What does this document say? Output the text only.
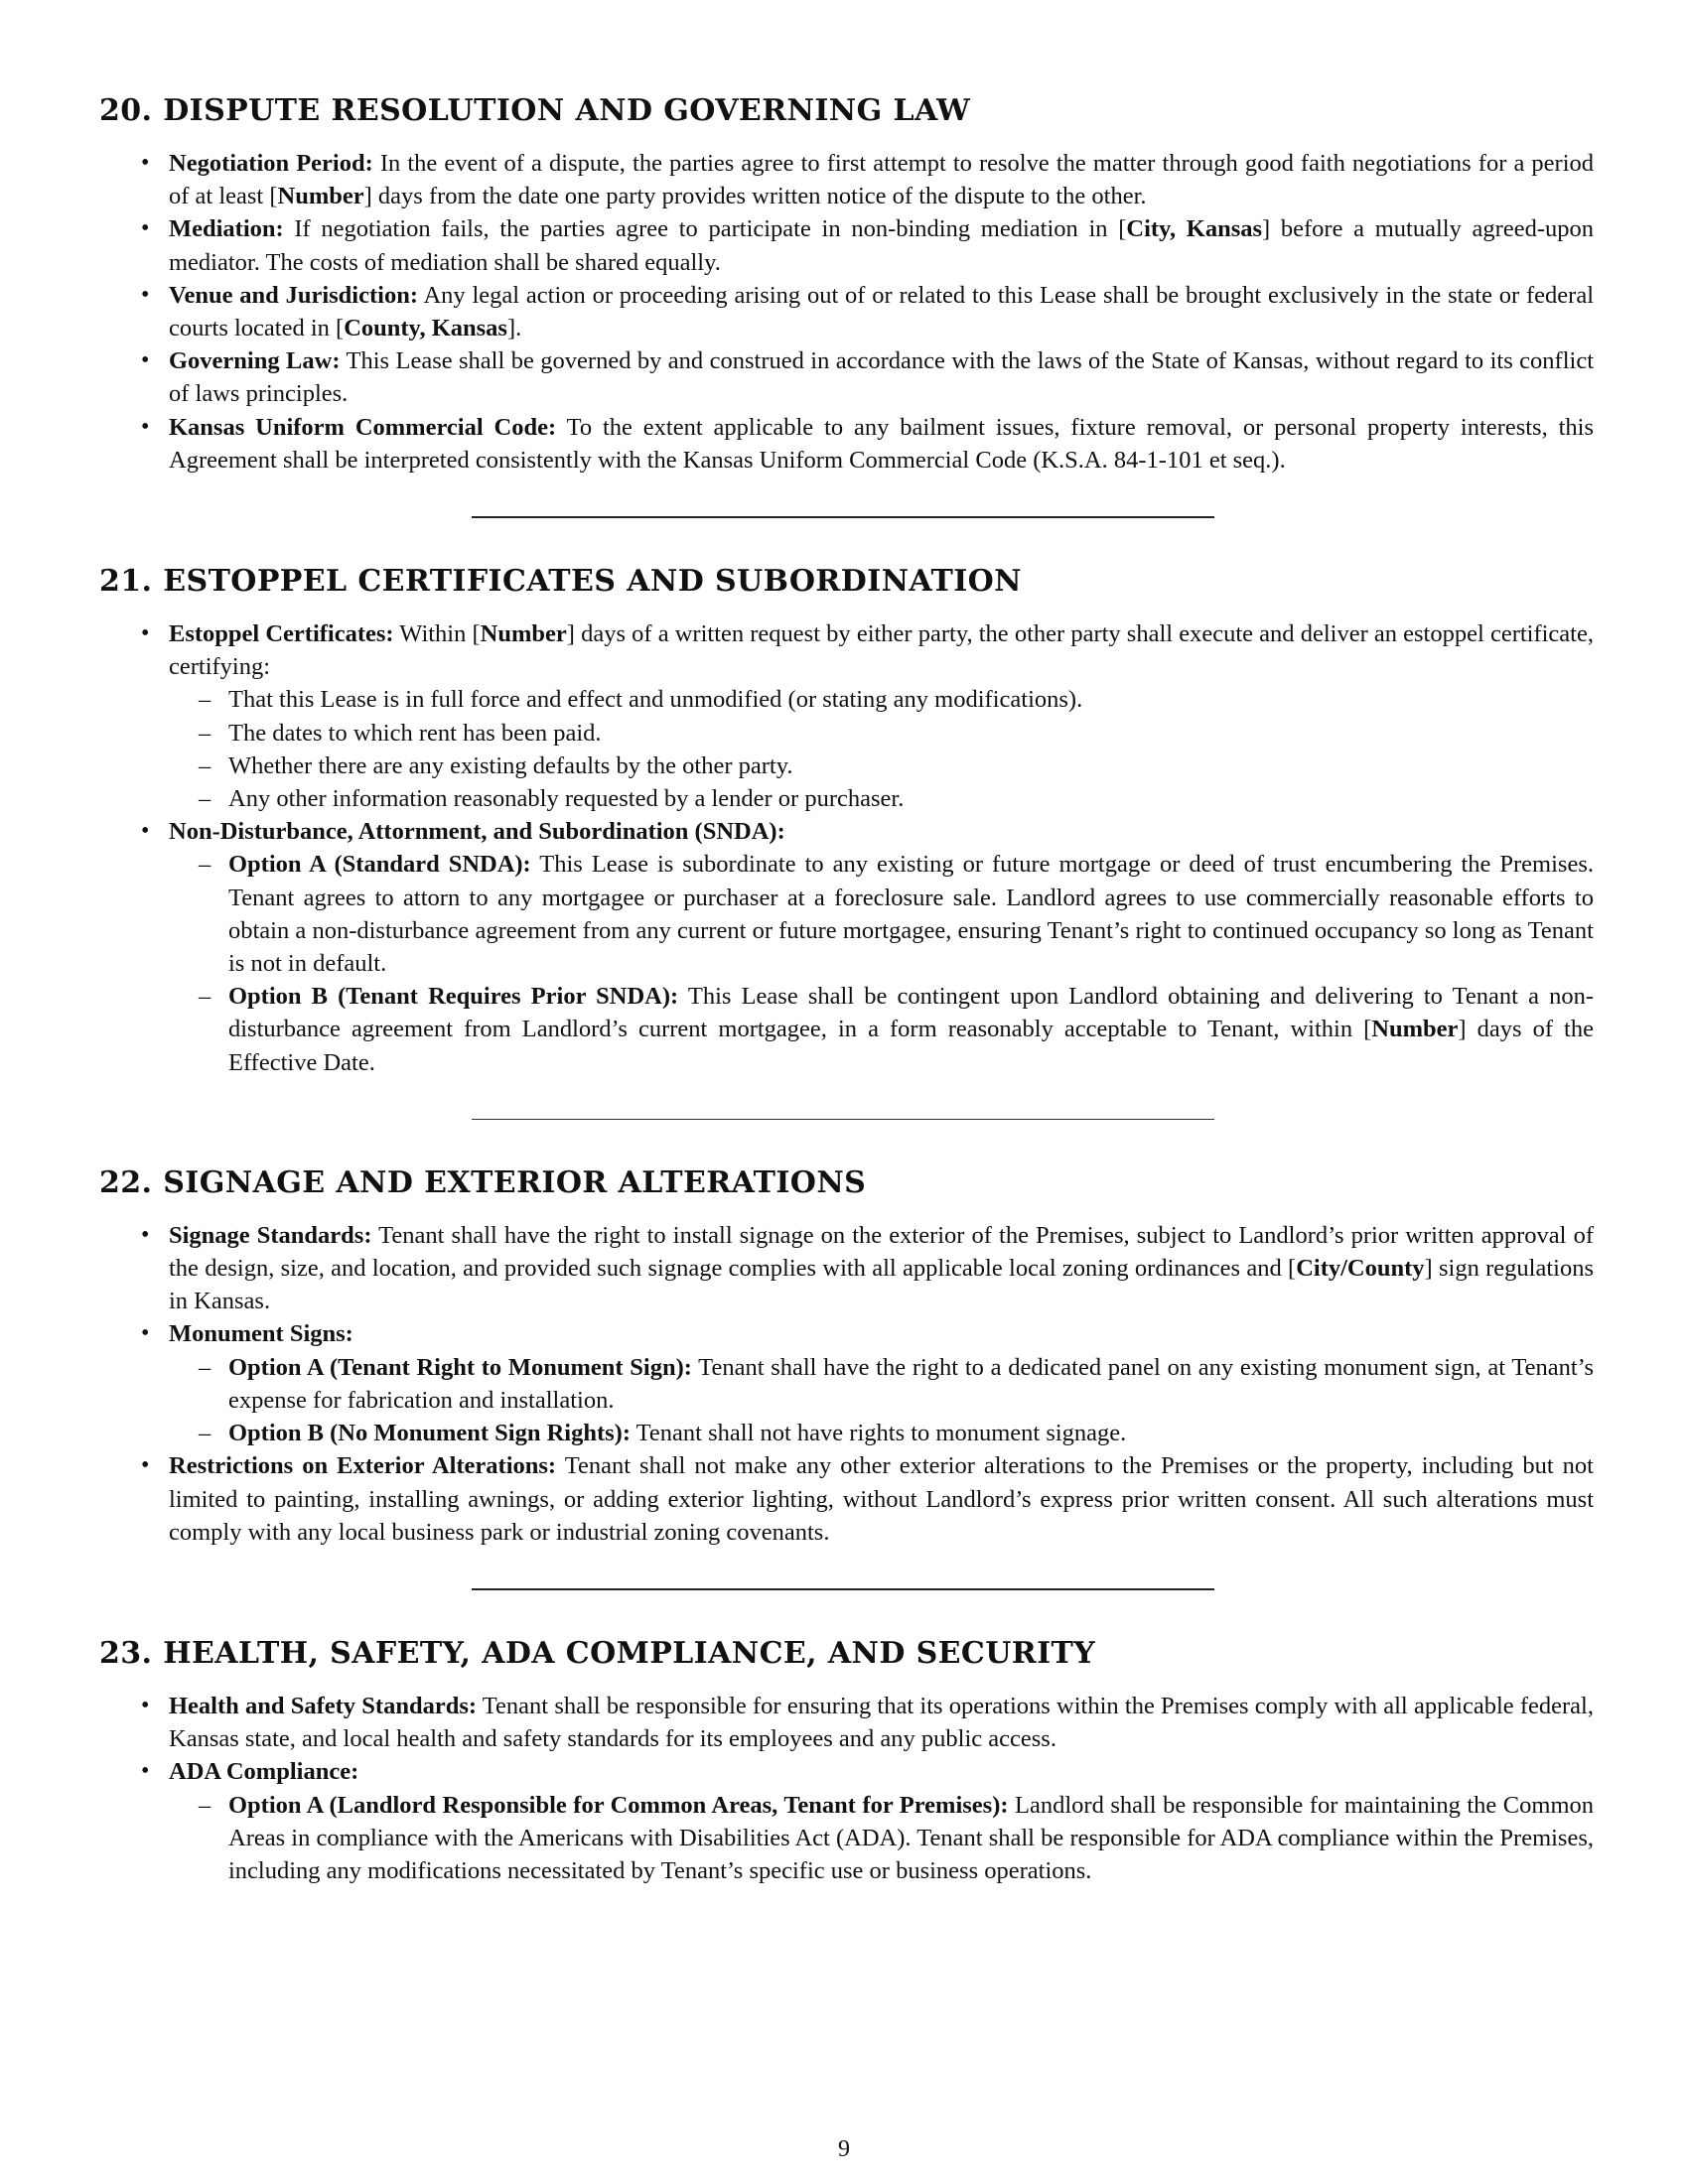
20. DISPUTE RESOLUTION AND GOVERNING LAW
• Negotiation Period: In the event of a dispute, the parties agree to first attempt to resolve the matter through good faith negotiations for a period of at least [Number] days from the date one party provides written notice of the dispute to the other.
• Mediation: If negotiation fails, the parties agree to participate in non-binding mediation in [City, Kansas] before a mutually agreed-upon mediator. The costs of mediation shall be shared equally.
• Venue and Jurisdiction: Any legal action or proceeding arising out of or related to this Lease shall be brought exclusively in the state or federal courts located in [County, Kansas].
• Governing Law: This Lease shall be governed by and construed in accordance with the laws of the State of Kansas, without regard to its conflict of laws principles.
• Kansas Uniform Commercial Code: To the extent applicable to any bailment issues, fixture removal, or personal property interests, this Agreement shall be interpreted consistently with the Kansas Uniform Commercial Code (K.S.A. 84-1-101 et seq.).
21. ESTOPPEL CERTIFICATES AND SUBORDINATION
• Estoppel Certificates: Within [Number] days of a written request by either party, the other party shall execute and deliver an estoppel certificate, certifying:
– That this Lease is in full force and effect and unmodified (or stating any modifications).
– The dates to which rent has been paid.
– Whether there are any existing defaults by the other party.
– Any other information reasonably requested by a lender or purchaser.
• Non-Disturbance, Attornment, and Subordination (SNDA):
– Option A (Standard SNDA): This Lease is subordinate to any existing or future mortgage or deed of trust encumbering the Premises. Tenant agrees to attorn to any mortgagee or purchaser at a foreclosure sale. Landlord agrees to use commercially reasonable efforts to obtain a non-disturbance agreement from any current or future mortgagee, ensuring Tenant’s right to continued occupancy so long as Tenant is not in default.
– Option B (Tenant Requires Prior SNDA): This Lease shall be contingent upon Landlord obtaining and delivering to Tenant a non-disturbance agreement from Landlord’s current mortgagee, in a form reasonably acceptable to Tenant, within [Number] days of the Effective Date.
22. SIGNAGE AND EXTERIOR ALTERATIONS
• Signage Standards: Tenant shall have the right to install signage on the exterior of the Premises, subject to Landlord’s prior written approval of the design, size, and location, and provided such signage complies with all applicable local zoning ordinances and [City/County] sign regulations in Kansas.
• Monument Signs:
– Option A (Tenant Right to Monument Sign): Tenant shall have the right to a dedicated panel on any existing monument sign, at Tenant’s expense for fabrication and installation.
– Option B (No Monument Sign Rights): Tenant shall not have rights to monument signage.
• Restrictions on Exterior Alterations: Tenant shall not make any other exterior alterations to the Premises or the property, including but not limited to painting, installing awnings, or adding exterior lighting, without Landlord’s express prior written consent. All such alterations must comply with any local business park or industrial zoning covenants.
23. HEALTH, SAFETY, ADA COMPLIANCE, AND SECURITY
• Health and Safety Standards: Tenant shall be responsible for ensuring that its operations within the Premises comply with all applicable federal, Kansas state, and local health and safety standards for its employees and any public access.
• ADA Compliance:
– Option A (Landlord Responsible for Common Areas, Tenant for Premises): Landlord shall be responsible for maintaining the Common Areas in compliance with the Americans with Disabilities Act (ADA). Tenant shall be responsible for ADA compliance within the Premises, including any modifications necessitated by Tenant’s specific use or business operations.
9
